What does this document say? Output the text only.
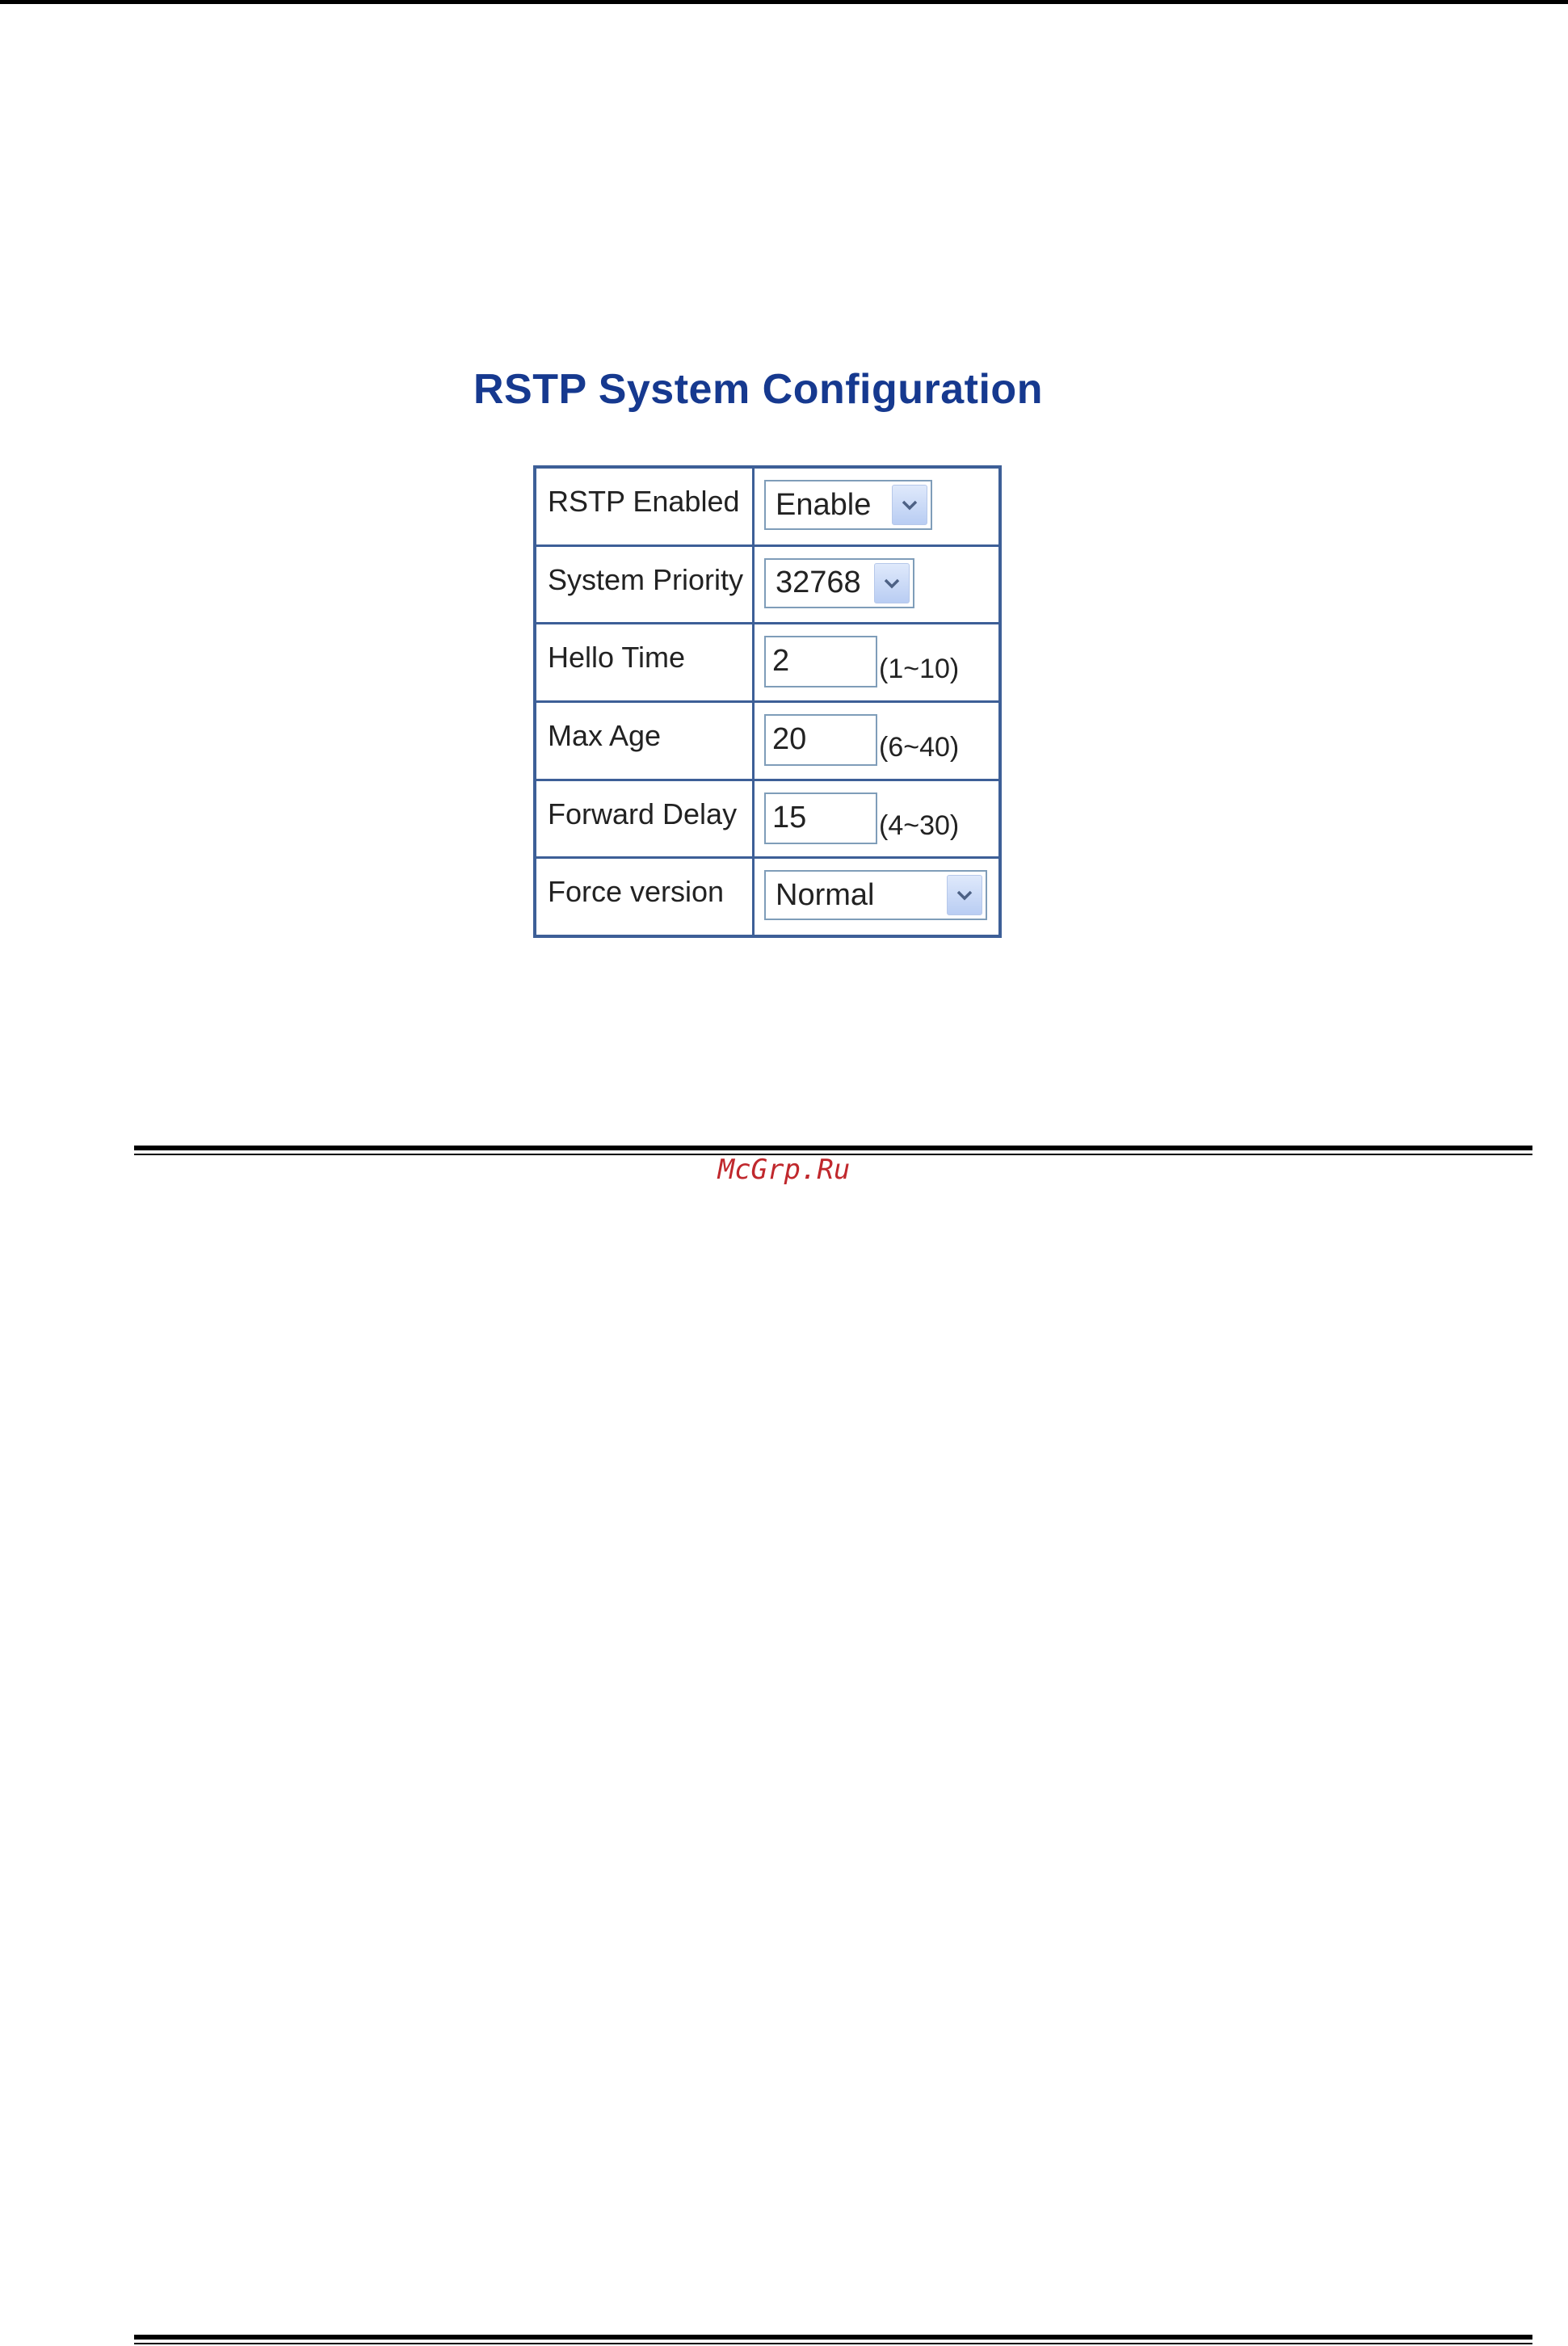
RSTP System Configuration
RSTP Enabled	Enable
System Priority	32768
Hello Time	2	(1~10)
Max Age	20	(6~40)
Forward Delay	15	(4~30)
Force version	Normal
McGrp.Ru
